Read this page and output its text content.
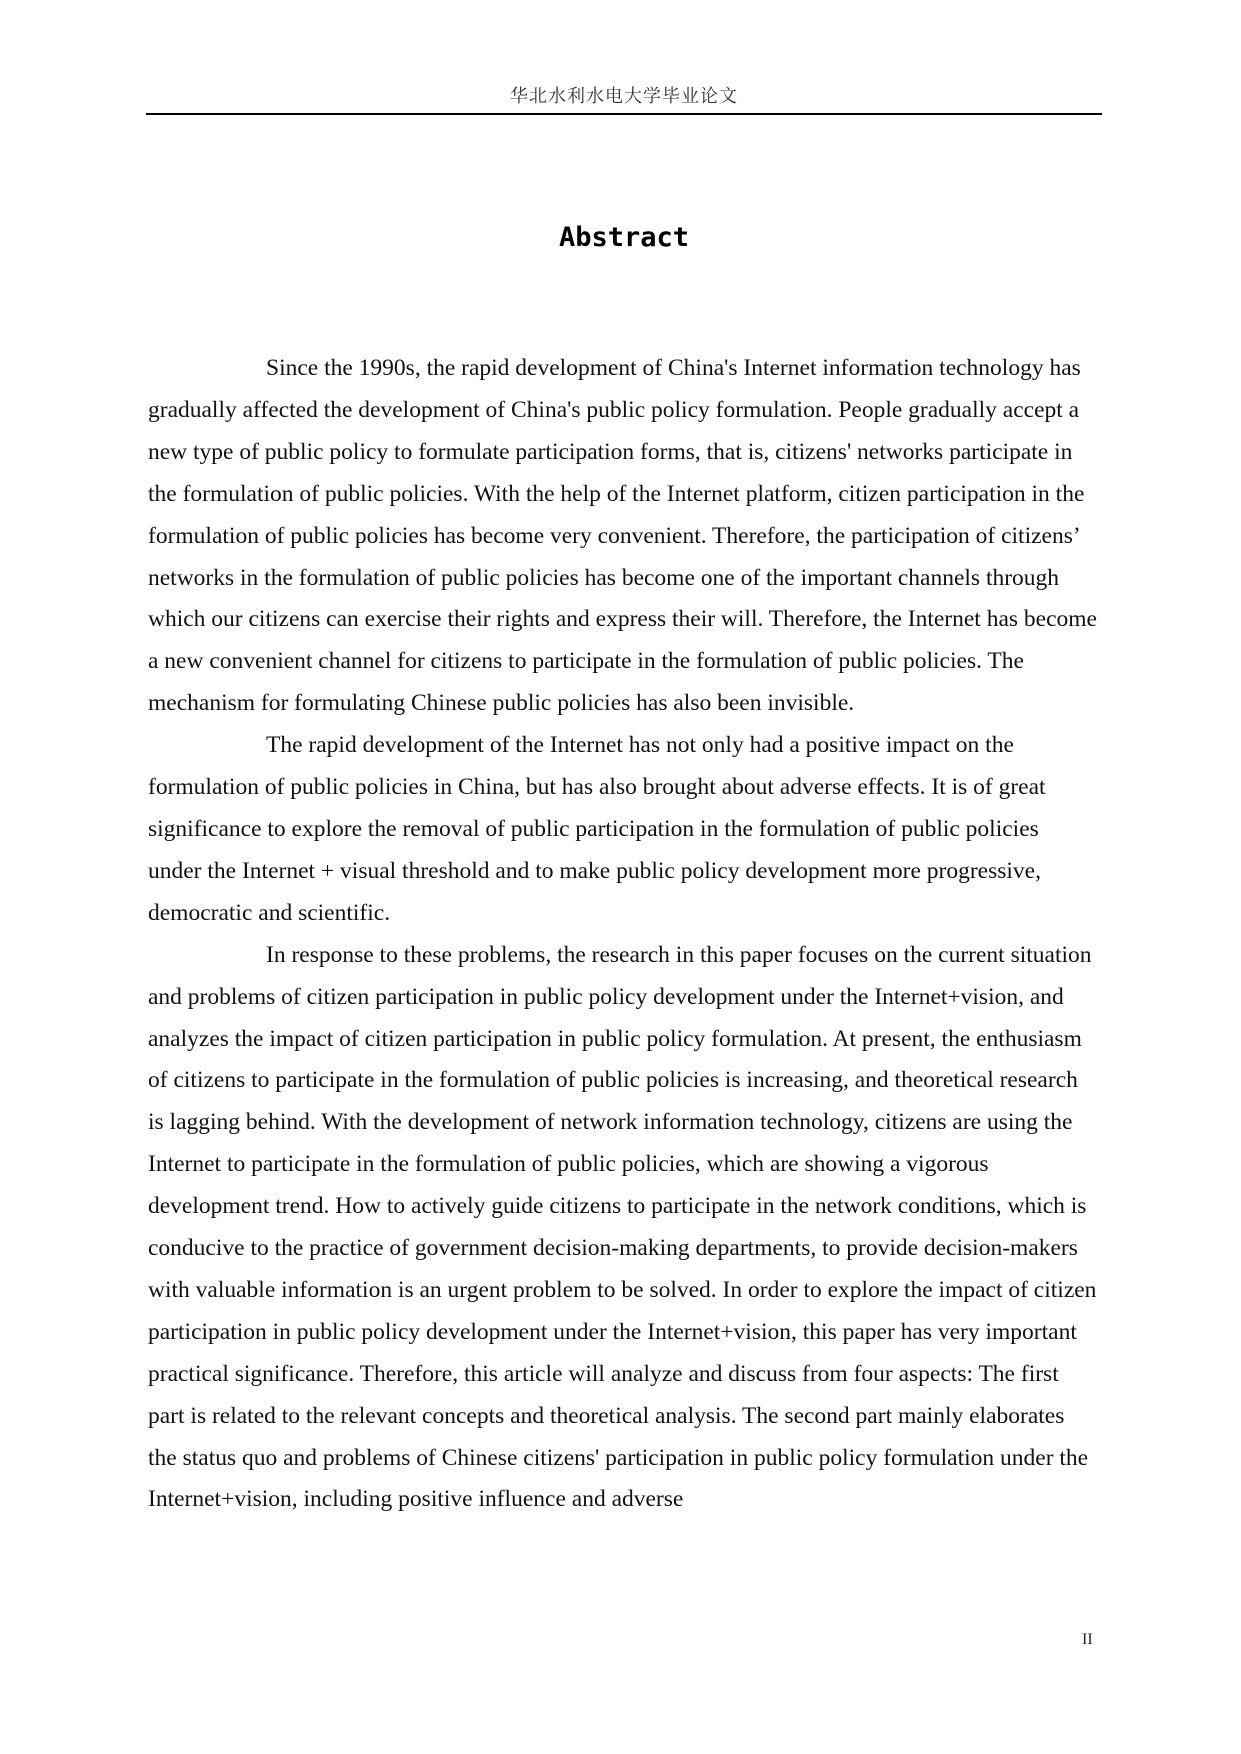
华北水利水电大学毕业论文
Abstract

Since the 1990s, the rapid development of China's Internet information technology has gradually affected the development of China's public policy formulation. People gradually accept a new type of public policy to formulate participation forms, that is, citizens' networks participate in the formulation of public policies. With the help of the Internet platform, citizen participation in the formulation of public policies has become very convenient. Therefore, the participation of citizens’ networks in the formulation of public policies has become one of the important channels through which our citizens can exercise their rights and express their will. Therefore, the Internet has become a new convenient channel for citizens to participate in the formulation of public policies. The mechanism for formulating Chinese public policies has also been invisible.

The rapid development of the Internet has not only had a positive impact on the formulation of public policies in China, but has also brought about adverse effects. It is of great significance to explore the removal of public participation in the formulation of public policies under the Internet + visual threshold and to make public policy development more progressive, democratic and scientific.

In response to these problems, the research in this paper focuses on the current situation and problems of citizen participation in public policy development under the Internet+vision, and analyzes the impact of citizen participation in public policy formulation. At present, the enthusiasm of citizens to participate in the formulation of public policies is increasing, and theoretical research is lagging behind. With the development of network information technology, citizens are using the Internet to participate in the formulation of public policies, which are showing a vigorous development trend. How to actively guide citizens to participate in the network conditions, which is conducive to the practice of government decision-making departments, to provide decision-makers with valuable information is an urgent problem to be solved. In order to explore the impact of citizen participation in public policy development under the Internet+vision, this paper has very important practical significance. Therefore, this article will analyze and discuss from four aspects: The first part is related to the relevant concepts and theoretical analysis. The second part mainly elaborates the status quo and problems of Chinese citizens' participation in public policy formulation under the Internet+vision, including positive influence and adverse

II
